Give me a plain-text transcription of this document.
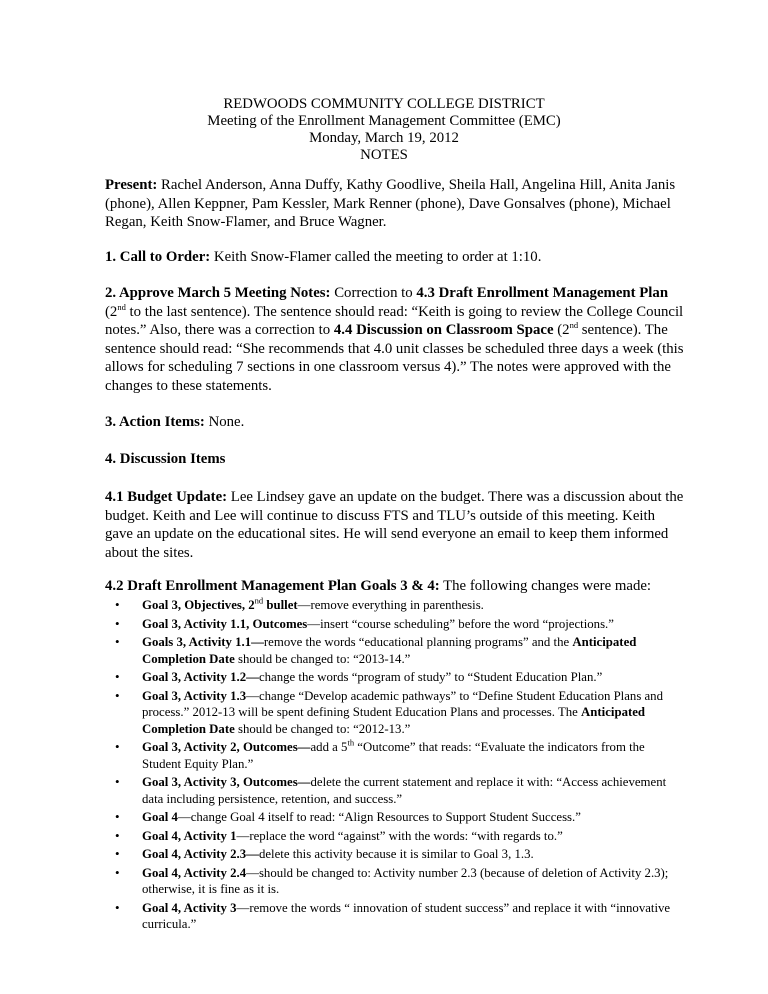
REDWOODS COMMUNITY COLLEGE DISTRICT
Meeting of the Enrollment Management Committee (EMC)
Monday, March 19, 2012
NOTES
Present: Rachel Anderson, Anna Duffy, Kathy Goodlive, Sheila Hall, Angelina Hill, Anita Janis (phone), Allen Keppner, Pam Kessler, Mark Renner (phone), Dave Gonsalves (phone), Michael Regan, Keith Snow-Flamer, and Bruce Wagner.
1. Call to Order: Keith Snow-Flamer called the meeting to order at 1:10.
2. Approve March 5 Meeting Notes: Correction to 4.3 Draft Enrollment Management Plan (2nd to the last sentence). The sentence should read: “Keith is going to review the College Council notes.” Also, there was a correction to 4.4 Discussion on Classroom Space (2nd sentence). The sentence should read: “She recommends that 4.0 unit classes be scheduled three days a week (this allows for scheduling 7 sections in one classroom versus 4).” The notes were approved with the changes to these statements.
3. Action Items: None.
4. Discussion Items
4.1 Budget Update: Lee Lindsey gave an update on the budget. There was a discussion about the budget. Keith and Lee will continue to discuss FTS and TLU’s outside of this meeting. Keith gave an update on the educational sites. He will send everyone an email to keep them informed about the sites.
4.2 Draft Enrollment Management Plan Goals 3 & 4: The following changes were made:
• Goal 3, Objectives, 2nd bullet—remove everything in parenthesis.
• Goal 3, Activity 1.1, Outcomes—insert “course scheduling” before the word “projections.”
• Goals 3, Activity 1.1—remove the words “educational planning programs” and the Anticipated Completion Date should be changed to: “2013-14.”
• Goal 3, Activity 1.2—change the words “program of study” to “Student Education Plan.”
• Goal 3, Activity 1.3—change “Develop academic pathways” to “Define Student Education Plans and process.” 2012-13 will be spent defining Student Education Plans and processes. The Anticipated Completion Date should be changed to: “2012-13.”
• Goal 3, Activity 2, Outcomes—add a 5th “Outcome” that reads: “Evaluate the indicators from the Student Equity Plan.”
• Goal 3, Activity 3, Outcomes—delete the current statement and replace it with: “Access achievement data including persistence, retention, and success.”
• Goal 4—change Goal 4 itself to read: “Align Resources to Support Student Success.”
• Goal 4, Activity 1—replace the word “against” with the words: “with regards to.”
• Goal 4, Activity 2.3—delete this activity because it is similar to Goal 3, 1.3.
• Goal 4, Activity 2.4—should be changed to: Activity number 2.3 (because of deletion of Activity 2.3); otherwise, it is fine as it is.
• Goal 4, Activity 3—remove the words “ innovation of student success” and replace it with “innovative curricula.”
